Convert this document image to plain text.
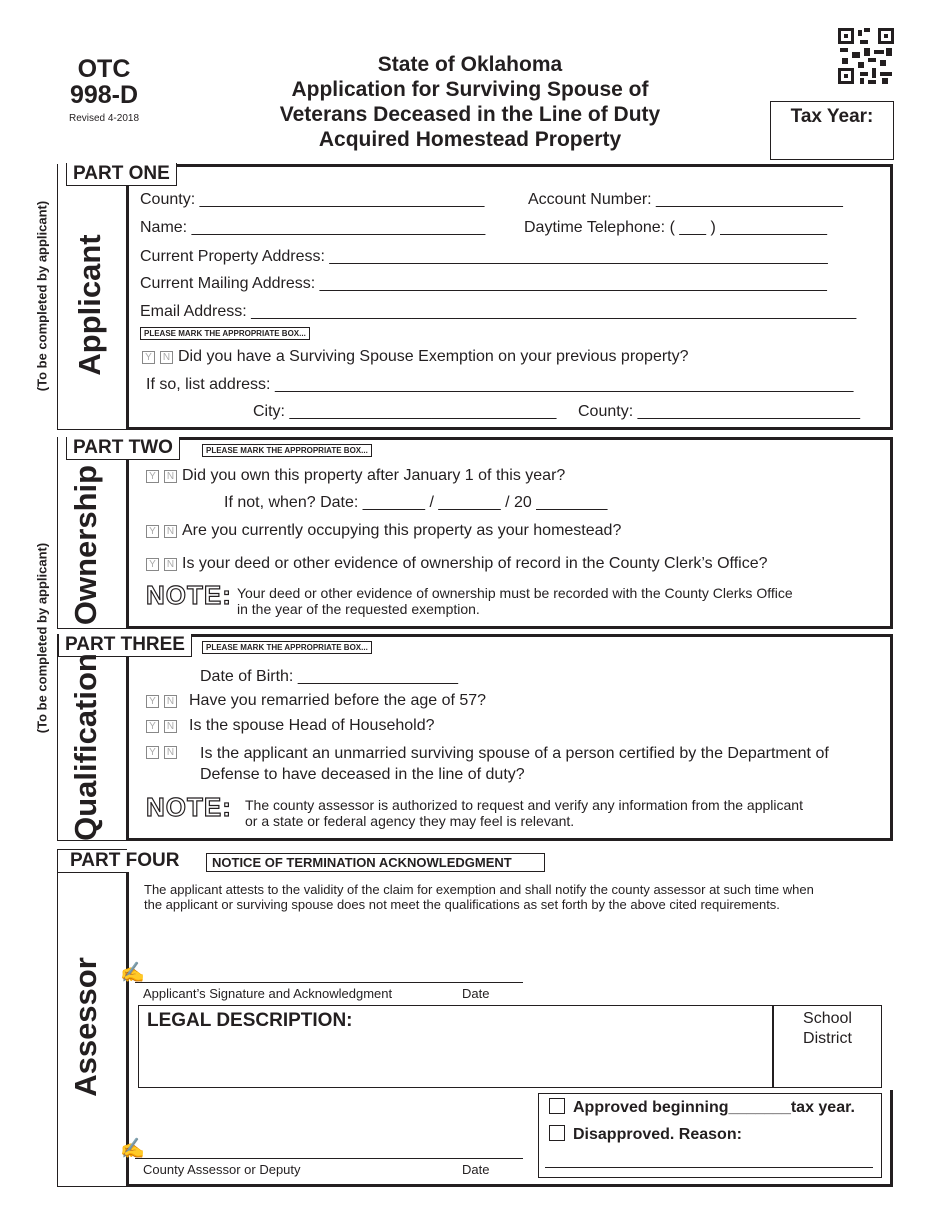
OTC
998-D
Revised 4-2018
State of Oklahoma
Application for Surviving Spouse of
Veterans Deceased in the Line of Duty
Acquired Homestead Property
Tax Year:
(To be completed by applicant)
(To be completed by applicant)
PART ONE
Applicant
County: ________________________________	Account Number: _____________________
Name: _________________________________ Daytime Telephone: ( ___ ) ____________
Current Property Address: ________________________________________________________
Current Mailing Address: _________________________________________________________
Email Address: ____________________________________________________________________
PLEASE MARK THE APPROPRIATE BOX...
Y N Did you have a Surviving Spouse Exemption on your previous property?
If so, list address: _________________________________________________________________
City: ______________________________ County: _________________________
PART TWO	PLEASE MARK THE APPROPRIATE BOX...
Ownership	Y N Did you own this property after January 1 of this year?
If not, when? Date: _______ / _______ / 20 ________
Y N Are you currently occupying this property as your homestead?
Y N Is your deed or other evidence of ownership of record in the County Clerk’s Office?
NOTE: Your deed or other evidence of ownership must be recorded with the County Clerks Office
in the year of the requested exemption.
PART THREE	PLEASE MARK THE APPROPRIATE BOX...
Qualification	Date of Birth: __________________
Y N Have you remarried before the age of 57?
Y N Is the spouse Head of Household?
Y N	Is the applicant an unmarried surviving spouse of a person certified by the Department of
Defense to have deceased in the line of duty?
NOTE: The county assessor is authorized to request and verify any information from the applicant
or a state or federal agency they may feel is relevant.
PART FOUR	NOTICE OF TERMINATION ACKNOWLEDGMENT
Assessor
The applicant attests to the validity of the claim for exemption and shall notify the county assessor at such time when
the applicant or surviving spouse does not meet the qualifications as set forth by the above cited requirements.
✍
Applicant’s Signature and Acknowledgment	Date
LEGAL DESCRIPTION:	School
District
Approved beginning_______tax year.
Disapproved. Reason:
✍
County Assessor or Deputy	Date
